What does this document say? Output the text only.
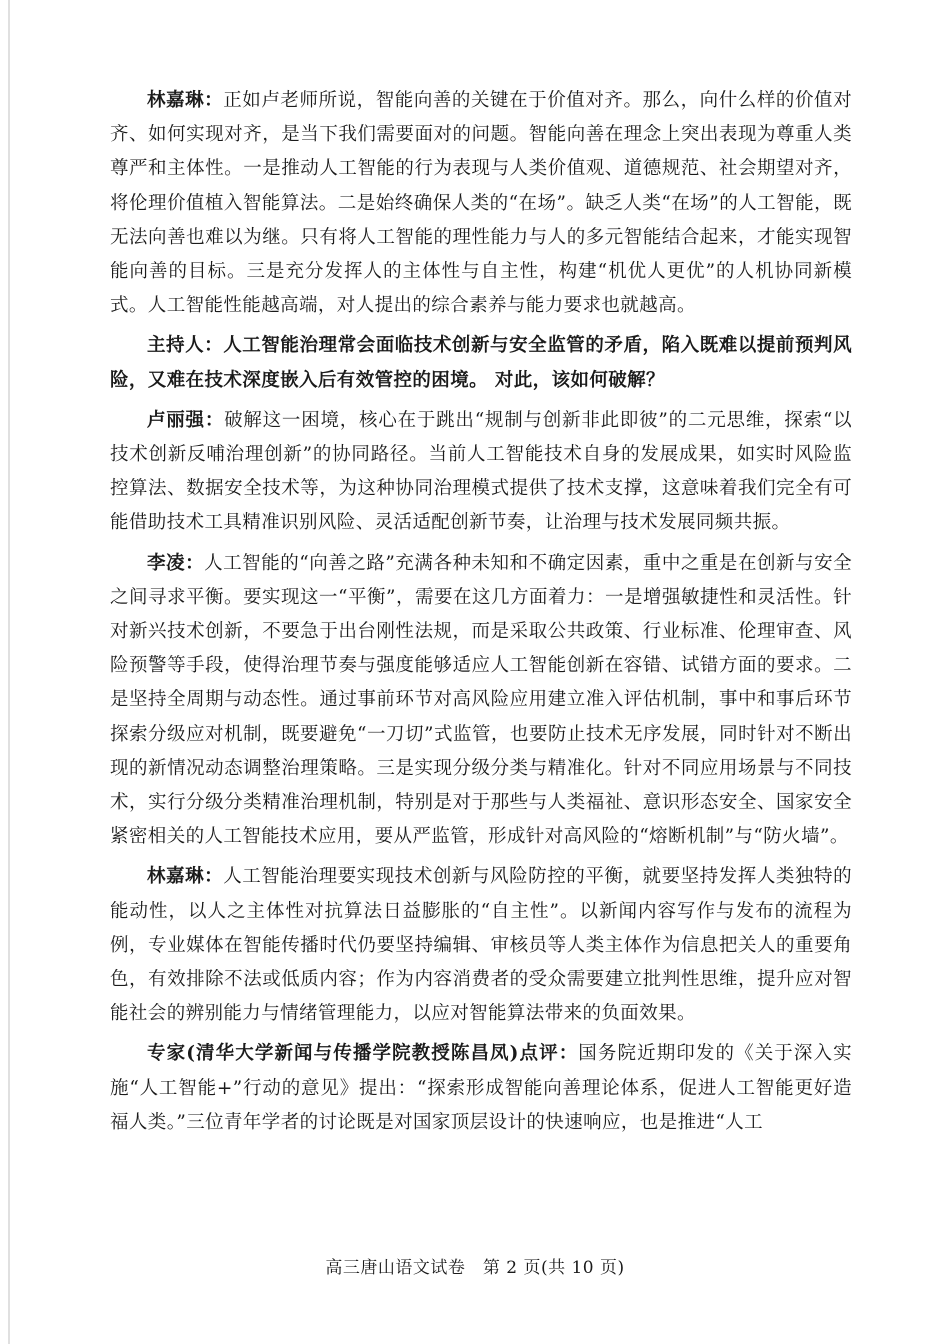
林嘉琳：正如卢老师所说，智能向善的关键在于价值对齐。那么，向什么样的价值对齐、如何实现对齐，是当下我们需要面对的问题。智能向善在理念上突出表现为尊重人类尊严和主体性。一是推动人工智能的行为表现与人类价值观、道德规范、社会期望对齐，将伦理价值植入智能算法。二是始终确保人类的“在场”。缺乏人类“在场”的人工智能，既无法向善也难以为继。只有将人工智能的理性能力与人的多元智能结合起来，才能实现智能向善的目标。三是充分发挥人的主体性与自主性，构建“机优人更优”的人机协同新模式。人工智能性能越高端，对人提出的综合素养与能力要求也就越高。

主持人：人工智能治理常会面临技术创新与安全监管的矛盾，陷入既难以提前预判风险，又难在技术深度嵌入后有效管控的困境。 对此，该如何破解？

卢丽强：破解这一困境，核心在于跳出“规制与创新非此即彼”的二元思维，探索“以技术创新反哺治理创新”的协同路径。当前人工智能技术自身的发展成果，如实时风险监控算法、数据安全技术等，为这种协同治理模式提供了技术支撑，这意味着我们完全有可能借助技术工具精准识别风险、灵活适配创新节奏，让治理与技术发展同频共振。

李凌：人工智能的“向善之路”充满各种未知和不确定因素，重中之重是在创新与安全之间寻求平衡。要实现这一“平衡”，需要在这几方面着力：一是增强敏捷性和灵活性。针对新兴技术创新，不要急于出台刚性法规，而是采取公共政策、行业标准、伦理审查、风险预警等手段，使得治理节奏与强度能够适应人工智能创新在容错、试错方面的要求。二是坚持全周期与动态性。通过事前环节对高风险应用建立准入评估机制，事中和事后环节探索分级应对机制，既要避免“一刀切”式监管，也要防止技术无序发展，同时针对不断出现的新情况动态调整治理策略。三是实现分级分类与精准化。针对不同应用场景与不同技术，实行分级分类精准治理机制，特别是对于那些与人类福祉、意识形态安全、国家安全紧密相关的人工智能技术应用，要从严监管，形成针对高风险的“熔断机制”与“防火墙”。

林嘉琳：人工智能治理要实现技术创新与风险防控的平衡，就要坚持发挥人类独特的能动性，以人之主体性对抗算法日益膨胀的“自主性”。以新闻内容写作与发布的流程为例，专业媒体在智能传播时代仍要坚持编辑、审核员等人类主体作为信息把关人的重要角色，有效排除不法或低质内容；作为内容消费者的受众需要建立批判性思维，提升应对智能社会的辨别能力与情绪管理能力，以应对智能算法带来的负面效果。

专家(清华大学新闻与传播学院教授陈昌凤)点评：国务院近期印发的《关于深入实施“人工智能+”行动的意见》提出：“探索形成智能向善理论体系，促进人工智能更好造福人类。”三位青年学者的讨论既是对国家顶层设计的快速响应，也是推进“人工

高三唐山语文试卷　第 2 页(共 10 页)
